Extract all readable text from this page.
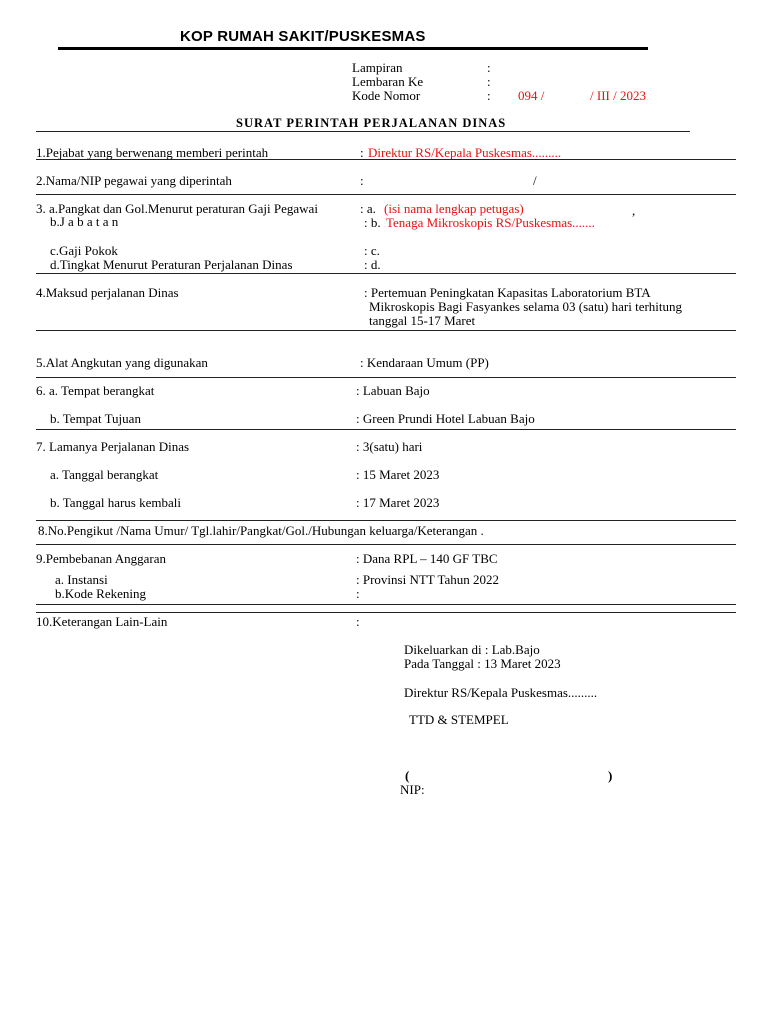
KOP RUMAH SAKIT/PUSKESMAS
Lampiran	:
Lembaran Ke	:
Kode Nomor	: 094 /	/ III / 2023
SURAT PERINTAH PERJALANAN DINAS
1.Pejabat yang berwenang memberi perintah	: Direktur RS/Kepala Puskesmas.........
2.Nama/NIP pegawai yang diperintah	:	/
3. a.Pangkat dan Gol.Menurut peraturan Gaji Pegawai	: a. (isi nama lengkap petugas)	,
b.J a b a t a n	: b. Tenaga Mikroskopis RS/Puskesmas.......
c.Gaji Pokok	: c.
d.Tingkat Menurut Peraturan Perjalanan Dinas	: d.
4.Maksud perjalanan Dinas	: Pertemuan Peningkatan Kapasitas Laboratorium BTA
Mikroskopis Bagi Fasyankes selama 03 (satu) hari terhitung
tanggal 15-17 Maret
5.Alat Angkutan yang digunakan	: Kendaraan Umum (PP)
6. a. Tempat berangkat	: Labuan Bajo
b. Tempat Tujuan	: Green Prundi Hotel Labuan Bajo
7. Lamanya Perjalanan Dinas	: 3(satu) hari
a. Tanggal berangkat	: 15 Maret 2023
b. Tanggal harus kembali	: 17 Maret 2023
8.No.Pengikut /Nama Umur/ Tgl.lahir/Pangkat/Gol./Hubungan keluarga/Keterangan .
9.Pembebanan Anggaran	: Dana RPL – 140 GF TBC
a. Instansi	: Provinsi NTT Tahun 2022
b.Kode Rekening	:
10.Keterangan Lain-Lain	:
Dikeluarkan di : Lab.Bajo
Pada Tanggal : 13 Maret 2023
Direktur RS/Kepala Puskesmas.........
TTD & STEMPEL
(	)
NIP:
